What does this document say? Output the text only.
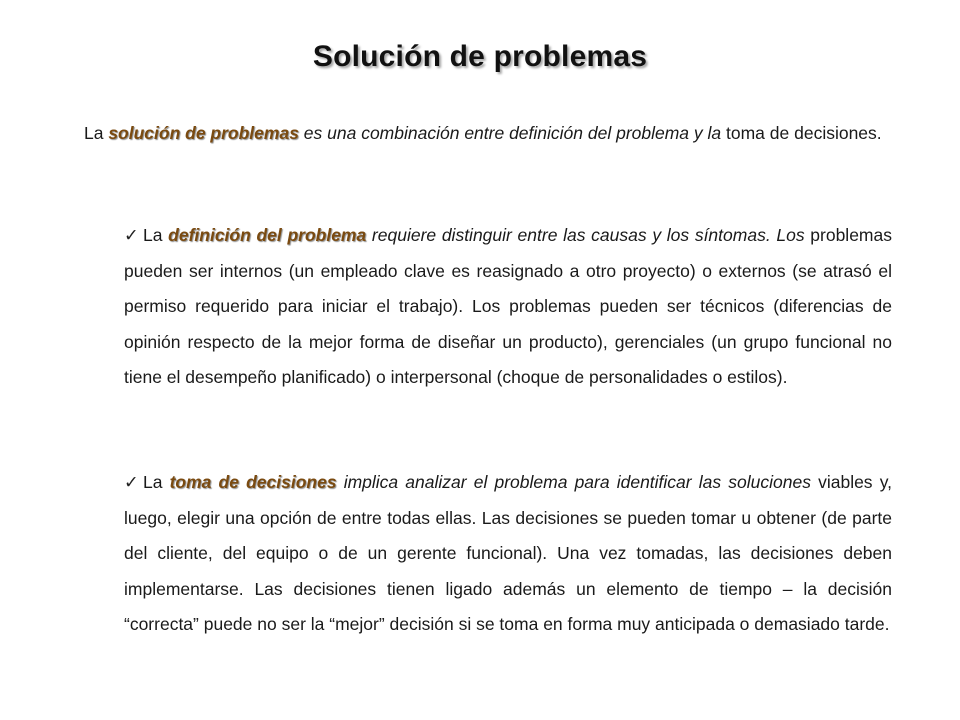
Solución de problemas

La solución de problemas es una combinación entre definición del problema y la toma de decisiones.

✓ La definición del problema requiere distinguir entre las causas y los síntomas. Los problemas pueden ser internos (un empleado clave es reasignado a otro proyecto) o externos (se atrasó el permiso requerido para iniciar el trabajo). Los problemas pueden ser técnicos (diferencias de opinión respecto de la mejor forma de diseñar un producto), gerenciales (un grupo funcional no tiene el desempeño planificado) o interpersonal (choque de personalidades o estilos).

✓ La toma de decisiones implica analizar el problema para identificar las soluciones viables y, luego, elegir una opción de entre todas ellas. Las decisiones se pueden tomar u obtener (de parte del cliente, del equipo o de un gerente funcional). Una vez tomadas, las decisiones deben implementarse. Las decisiones tienen ligado además un elemento de tiempo – la decisión “correcta” puede no ser la “mejor” decisión si se toma en forma muy anticipada o demasiado tarde.
